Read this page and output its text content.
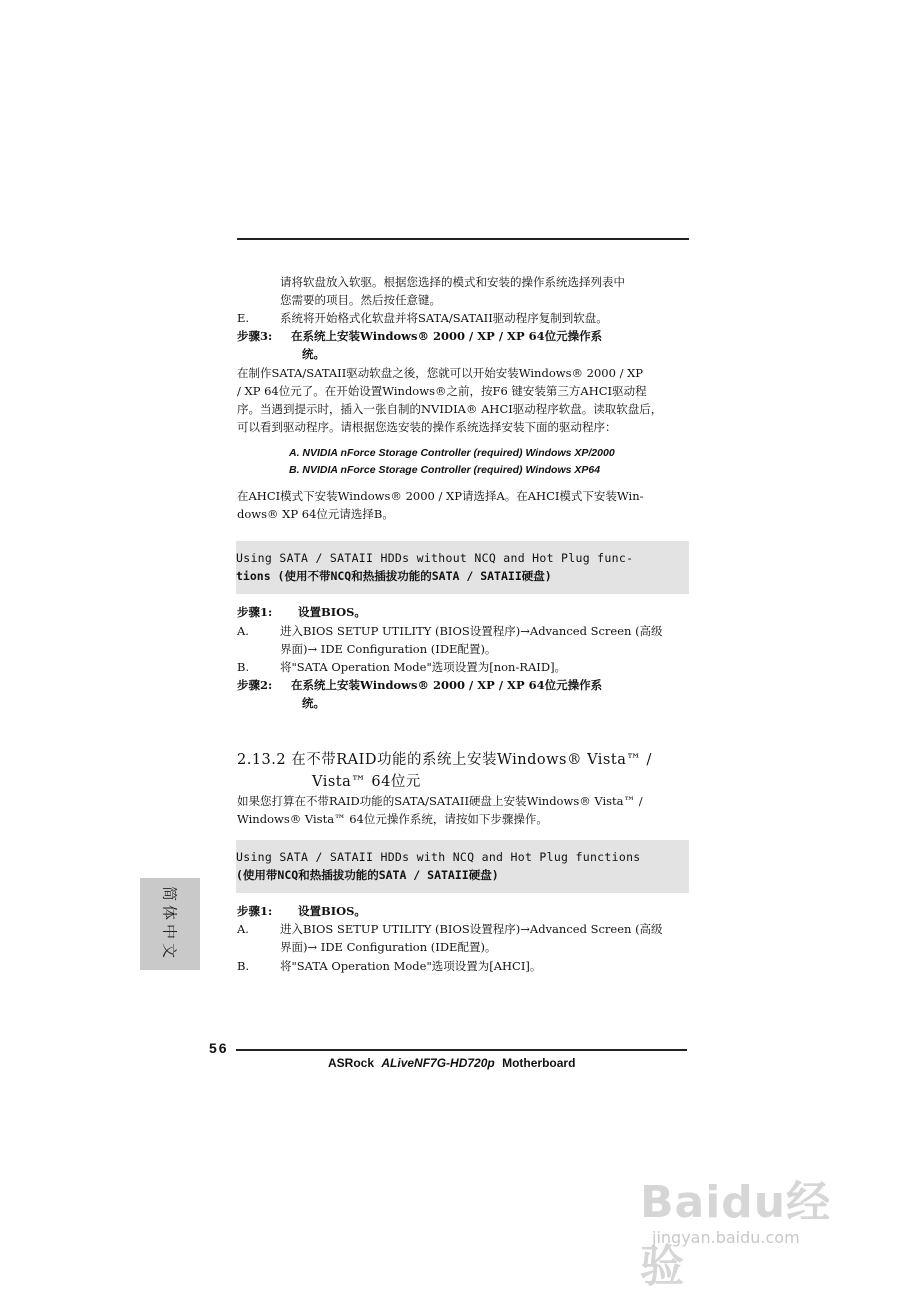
请将软盘放入软驱。根据您选择的模式和安装的操作系统选择列表中
您需要的项目。然后按任意键。
E.	系统将开始格式化软盘并将SATA/SATAII驱动程序复制到软盘。
步骤3: 在系统上安装Windows® 2000 / XP / XP 64位元操作系
统。
在制作SATA/SATAII驱动软盘之後，您就可以开始安装Windows® 2000 / XP
/ XP 64位元了。在开始设置Windows®之前，按F6 键安装第三方AHCI驱动程
序。当遇到提示时，插入一张自制的NVIDIA® AHCI驱动程序软盘。读取软盘后，
可以看到驱动程序。请根据您选安装的操作系统选择安装下面的驱动程序：
A. NVIDIA nForce Storage Controller (required) Windows XP/2000
B. NVIDIA nForce Storage Controller (required) Windows XP64
在AHCI模式下安装Windows® 2000 / XP请选择A。在AHCI模式下安装Win-
dows® XP 64位元请选择B。
Using SATA / SATAII HDDs without NCQ and Hot Plug func-
tions (使用不带NCQ和热插拔功能的SATA / SATAII硬盘)
步骤1: 设置BIOS。
A.	进入BIOS SETUP UTILITY (BIOS设置程序)→Advanced Screen (高级
界面)→ IDE Configuration (IDE配置)。
B.	将"SATA Operation Mode"选项设置为[non-RAID]。
步骤2: 在系统上安装Windows® 2000 / XP / XP 64位元操作系
统。
2.13.2 在不带RAID功能的系统上安装Windows® Vista™ /
Vista™ 64位元
如果您打算在不带RAID功能的SATA/SATAII硬盘上安装Windows® Vista™ /
Windows® Vista™ 64位元操作系统，请按如下步骤操作。
Using SATA / SATAII HDDs with NCQ and Hot Plug functions
(使用带NCQ和热插拔功能的SATA / SATAII硬盘)
步骤1: 设置BIOS。
A.	进入BIOS SETUP UTILITY (BIOS设置程序)→Advanced Screen (高级
界面)→ IDE Configuration (IDE配置)。
B.	将"SATA Operation Mode"选项设置为[AHCI]。
简体中文
56
ASRock ALiveNF7G-HD720p Motherboard
Baidu经验
jingyan.baidu.com
